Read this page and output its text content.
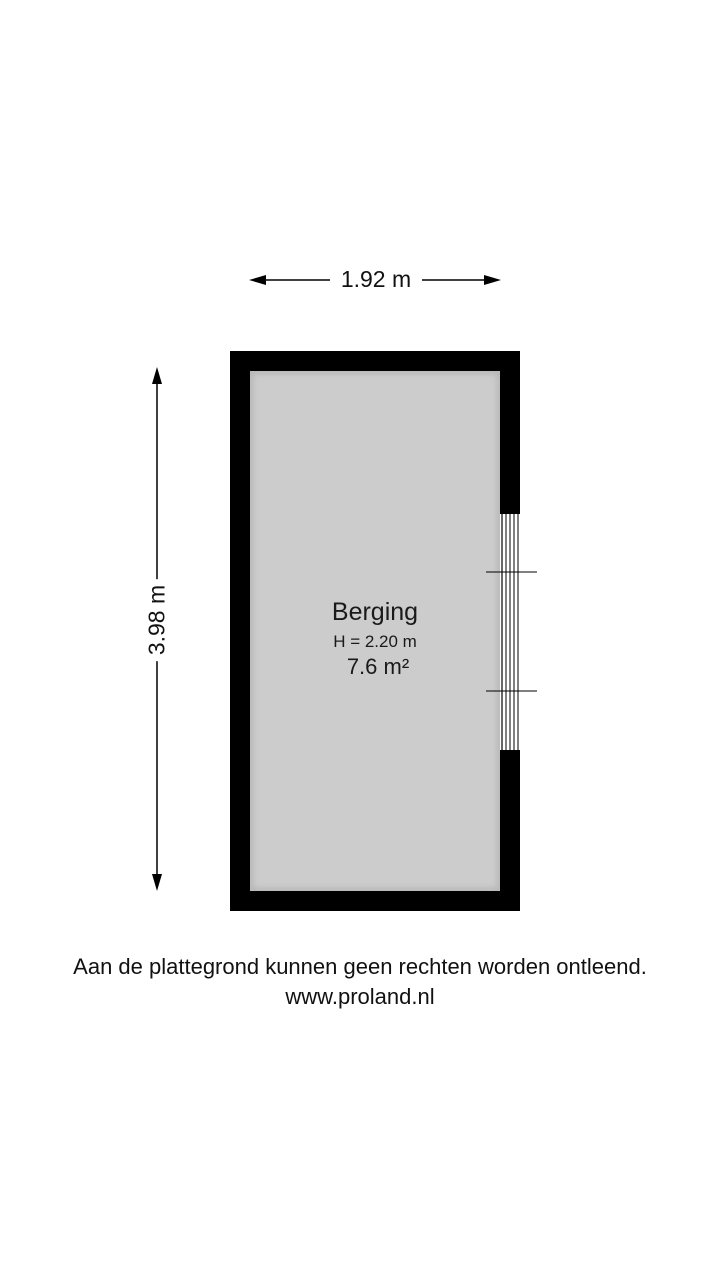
1.92 m
3.98 m	Berging
H = 2.20 m
7.6 m²
Aan de plattegrond kunnen geen rechten worden ontleend.
www.proland.nl
